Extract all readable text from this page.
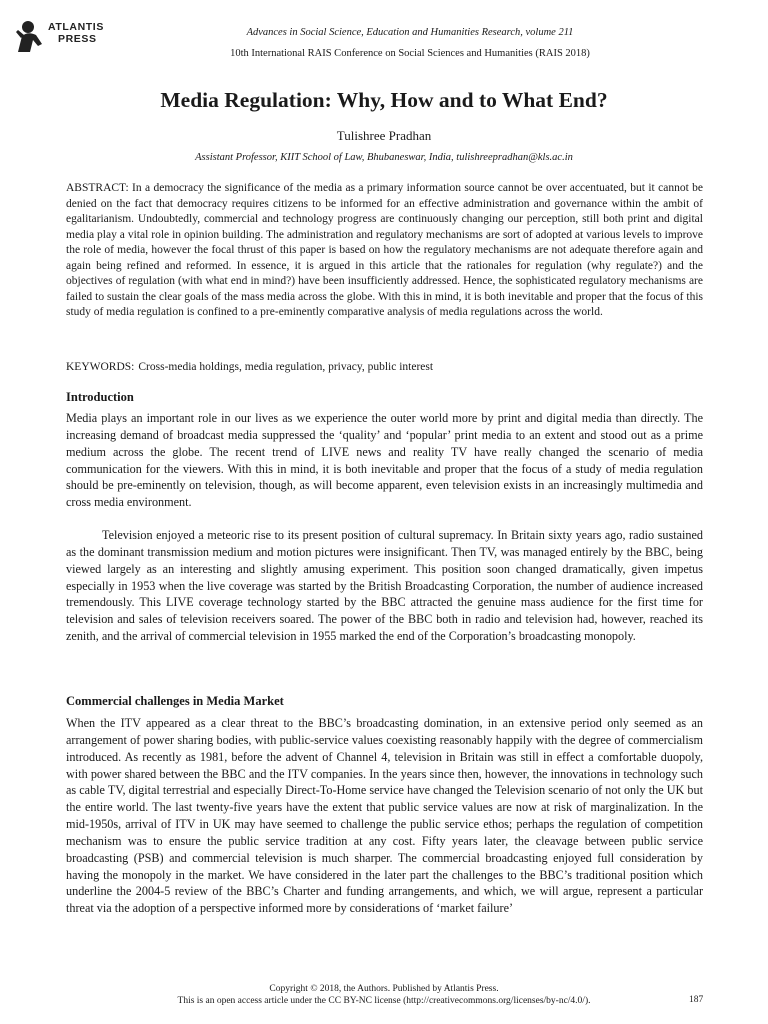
ATLANTIS
PRESS
Advances in Social Science, Education and Humanities Research, volume 211
10th International RAIS Conference on Social Sciences and Humanities (RAIS 2018)
Media Regulation: Why, How and to What End?
Tulishree Pradhan
Assistant Professor, KIIT School of Law, Bhubaneswar, India, tulishreepradhan@kls.ac.in
ABSTRACT: In a democracy the significance of the media as a primary information source cannot be over accentuated, but it cannot be denied on the fact that democracy requires citizens to be informed for an effective administration and governance within the ambit of egalitarianism. Undoubtedly, commercial and technology progress are continuously changing our perception, still both print and digital media play a vital role in opinion building. The administration and regulatory mechanisms are sort of adopted at various levels to improve the role of media, however the focal thrust of this paper is based on how the regulatory mechanisms are not adequate therefore again and again being refined and reformed. In essence, it is argued in this article that the rationales for regulation (why regulate?) and the objectives of regulation (with what end in mind?) have been insufficiently addressed. Hence, the sophisticated regulatory mechanisms are failed to sustain the clear goals of the mass media across the globe. With this in mind, it is both inevitable and proper that the focus of this study of media regulation is confined to a pre-eminently comparative analysis of media regulations across the world.
KEYWORDS: Cross-media holdings, media regulation, privacy, public interest
Introduction

Media plays an important role in our lives as we experience the outer world more by print and digital media than directly. The increasing demand of broadcast media suppressed the ‘quality’ and ‘popular’ print media to an extent and stood out as a prime medium across the globe. The recent trend of LIVE news and reality TV have really changed the scenario of media communication for the viewers. With this in mind, it is both inevitable and proper that the focus of a study of media regulation should be pre-eminently on television, though, as will become apparent, even television exists in an increasingly multimedia and cross media environment.

Television enjoyed a meteoric rise to its present position of cultural supremacy. In Britain sixty years ago, radio sustained as the dominant transmission medium and motion pictures were insignificant. Then TV, was managed entirely by the BBC, being viewed largely as an interesting and slightly amusing experiment. This position soon changed dramatically, given impetus especially in 1953 when the live coverage was started by the British Broadcasting Corporation, the number of audience increased tremendously. This LIVE coverage technology started by the BBC attracted the genuine mass audience for the first time for television and sales of television receivers soared. The power of the BBC both in radio and television had, however, reached its zenith, and the arrival of commercial television in 1955 marked the end of the Corporation’s broadcasting monopoly.

Commercial challenges in Media Market

When the ITV appeared as a clear threat to the BBC’s broadcasting domination, in an extensive period only seemed as an arrangement of power sharing bodies, with public-service values coexisting reasonably happily with the degree of commercialism introduced. As recently as 1981, before the advent of Channel 4, television in Britain was still in effect a comfortable duopoly, with power shared between the BBC and the ITV companies. In the years since then, however, the innovations in technology such as cable TV, digital terrestrial and especially Direct-To-Home service have changed the Television scenario of not only the UK but the entire world. The last twenty-five years have the extent that public service values are now at risk of marginalization. In the mid-1950s, arrival of ITV in UK may have seemed to challenge the public service ethos; perhaps the regulation of competition mechanism was to ensure the public service tradition at any cost. Fifty years later, the cleavage between public service broadcasting (PSB) and commercial television is much sharper. The commercial broadcasting enjoyed full consideration by having the monopoly in the market. We have considered in the later part the challenges to the BBC’s traditional position which underline the 2004-5 review of the BBC’s Charter and funding arrangements, and which, we will argue, represent a particular threat via the adoption of a perspective informed more by considerations of ‘market failure’

Copyright © 2018, the Authors. Published by Atlantis Press.
This is an open access article under the CC BY-NC license (http://creativecommons.org/licenses/by-nc/4.0/).	187
